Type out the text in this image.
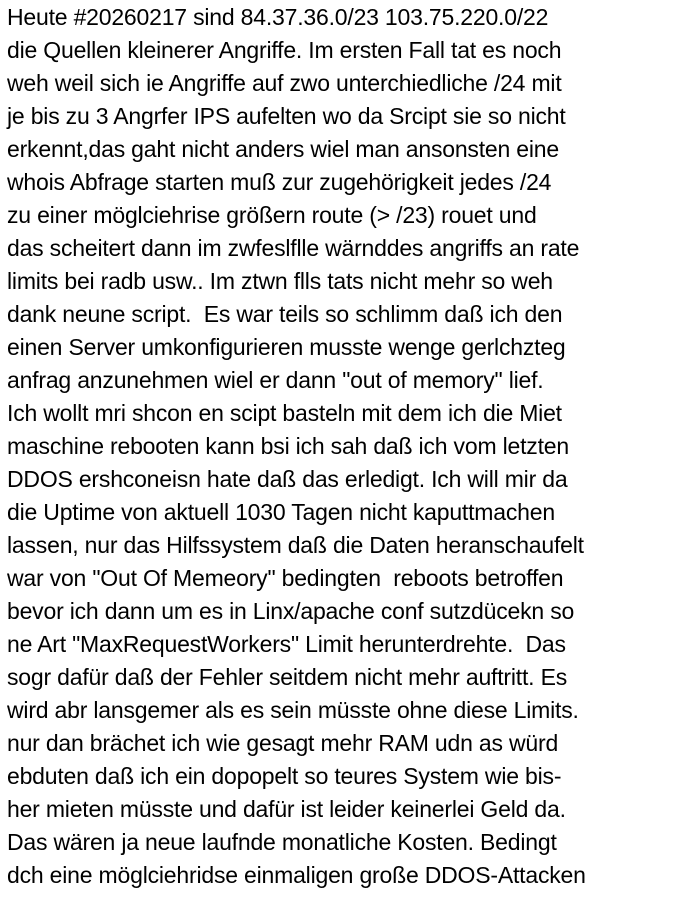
Heute #20260217 sind 84.37.36.0/23 103.75.220.0/22
die Quellen kleinerer Angriffe. Im ersten Fall tat es noch
weh weil sich ie Angriffe auf zwo unterchiedliche /24 mit
je bis zu 3 Angrfer IPS aufelten wo da Srcipt sie so nicht
erkennt,das gaht nicht anders wiel man ansonsten eine
whois Abfrage starten muß zur zugehörigkeit jedes /24
zu einer möglciehrise größern route (> /23) rouet und
das scheitert dann im zwfeslflle wärnddes angriffs an rate
limits bei radb usw.. Im ztwn flls tats nicht mehr so weh
dank neune script.  Es war teils so schlimm daß ich den
einen Server umkonfigurieren musste wenge gerlchzteg
anfrag anzunehmen wiel er dann "out of memory" lief.
Ich wollt mri shcon en scipt basteln mit dem ich die Miet
maschine rebooten kann bsi ich sah daß ich vom letzten
DDOS ershconeisn hate daß das erledigt. Ich will mir da
die Uptime von aktuell 1030 Tagen nicht kaputtmachen
lassen, nur das Hilfssystem daß die Daten heranschaufelt
war von "Out Of Memeory" bedingten  reboots betroffen
bevor ich dann um es in Linx/apache conf sutzdücekn so
ne Art "MaxRequestWorkers" Limit herunterdrehte.  Das
sogr dafür daß der Fehler seitdem nicht mehr auftritt. Es
wird abr lansgemer als es sein müsste ohne diese Limits.
nur dan brächet ich wie gesagt mehr RAM udn as würd
ebduten daß ich ein dopopelt so teures System wie bis-
her mieten müsste und dafür ist leider keinerlei Geld da.
Das wären ja neue laufnde monatliche Kosten. Bedingt
dch eine möglciehridse einmaligen große DDOS-Attacken
